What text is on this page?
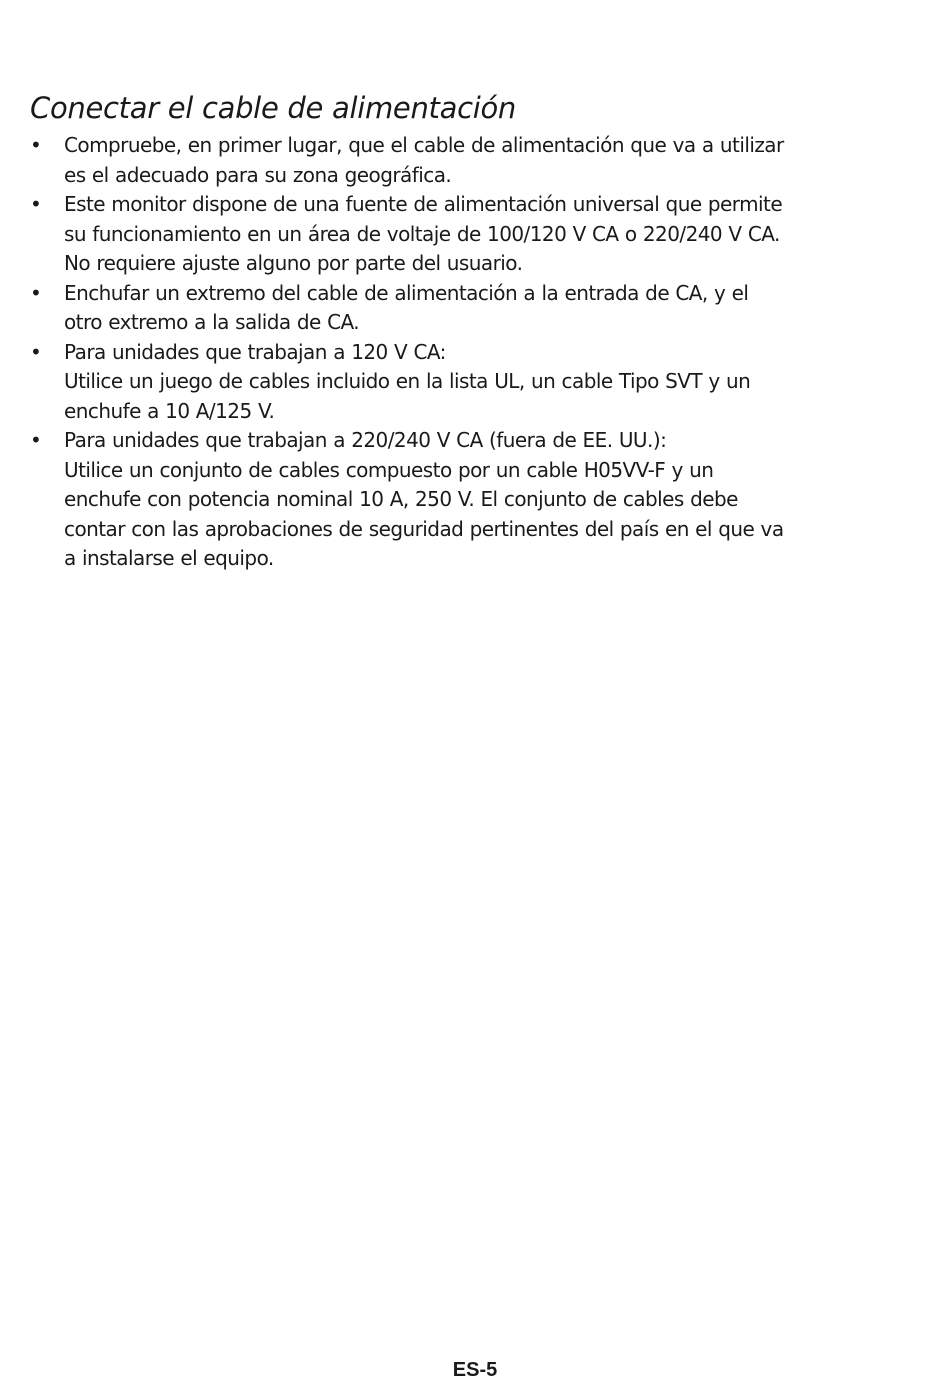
Conectar el cable de alimentación
• Compruebe, en primer lugar, que el cable de alimentación que va a utilizar
es el adecuado para su zona geográfica.
• Este monitor dispone de una fuente de alimentación universal que permite
su funcionamiento en un área de voltaje de 100/120 V CA o 220/240 V CA.
No requiere ajuste alguno por parte del usuario.
• Enchufar un extremo del cable de alimentación a la entrada de CA, y el
otro extremo a la salida de CA.
• Para unidades que trabajan a 120 V CA:
Utilice un juego de cables incluido en la lista UL, un cable Tipo SVT y un
enchufe a 10 A/125 V.
• Para unidades que trabajan a 220/240 V CA (fuera de EE. UU.):
Utilice un conjunto de cables compuesto por un cable H05VV-F y un
enchufe con potencia nominal 10 A, 250 V. El conjunto de cables debe
contar con las aprobaciones de seguridad pertinentes del país en el que va
a instalarse el equipo.
ES-5
